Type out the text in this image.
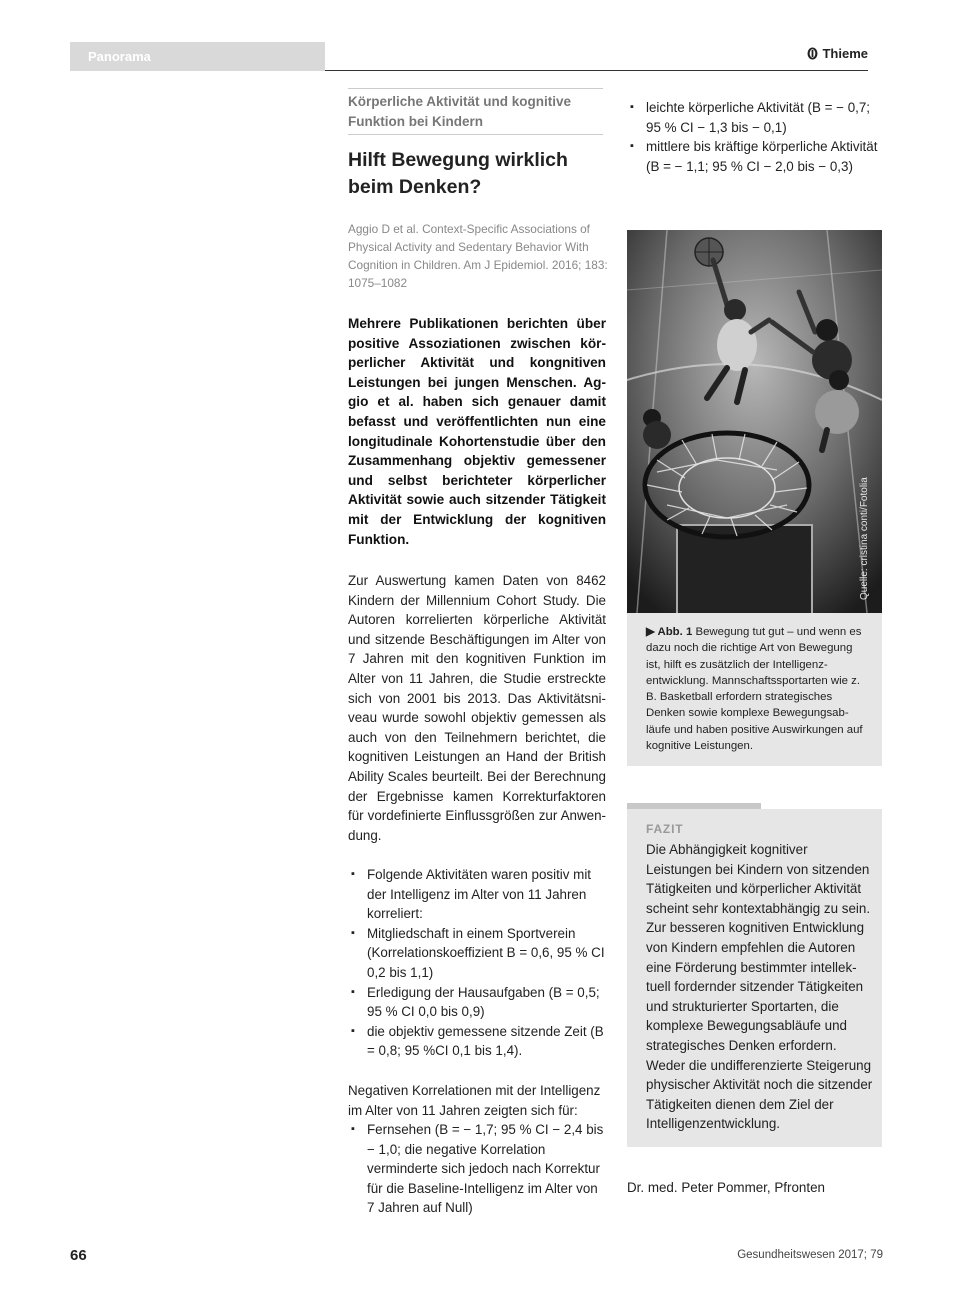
Panorama	Thieme
Körperliche Aktivität und kognitive Funktion bei Kindern
Hilft Bewegung wirklich beim Denken?
Aggio D et al. Context-Specific Associations of Physical Activity and Sedentary Behavior With Cognition in Children. Am J Epidemiol. 2016; 183: 1075–1082
Mehrere Publikationen berichten über positive Assoziationen zwischen körperlicher Aktivität und kongnitiven Leistungen bei jungen Menschen. Aggio et al. haben sich genauer damit befasst und veröffentlichten nun eine longitudinale Kohortenstudie über den Zusammenhang objektiv gemessener und selbst berichteter körperlicher Aktivität sowie auch sitzender Tätigkeit mit der Entwicklung der kognitiven Funktion.
Zur Auswertung kamen Daten von 8462 Kindern der Millennium Cohort Study. Die Autoren korrelierten körperliche Aktivität und sitzende Beschäftigungen im Alter von 7 Jahren mit den kognitiven Funktion im Alter von 11 Jahren, die Studie erstreckte sich von 2001 bis 2013. Das Aktivitätsniveau wurde sowohl objektiv gemessen als auch von den Teilnehmern berichtet, die kognitiven Leistungen an Hand der British Ability Scales beurteilt. Bei der Berechnung der Ergebnisse kamen Korrekturfaktoren für vordefinierte Einflussgrößen zur Anwendung.
▪ Folgende Aktivitäten waren positiv mit der Intelligenz im Alter von 11 Jahren korreliert:
▪ Mitgliedschaft in einem Sportverein (Korrelationskoeffizient B = 0,6, 95 % CI 0,2 bis 1,1)
▪ Erledigung der Hausaufgaben (B = 0,5; 95 % CI 0,0 bis 0,9)
▪ die objektiv gemessene sitzende Zeit (B = 0,8; 95 %CI 0,1 bis 1,4).
Negativen Korrelationen mit der Intelligenz im Alter von 11 Jahren zeigten sich für:
▪ Fernsehen (B = − 1,7; 95 % CI − 2,4 bis − 1,0; die negative Korrelation verminderte sich jedoch nach Korrektur für die Baseline-Intelligenz im Alter von 7 Jahren auf Null)
▪ leichte körperliche Aktivität (B = − 0,7; 95 % CI − 1,3 bis − 0,1)
▪ mittlere bis kräftige körperliche Aktivität (B = − 1,1; 95 % CI − 2,0 bis − 0,3)
Quelle: cristina conti/Fotolia
▶ Abb. 1 Bewegung tut gut – und wenn es dazu noch die richtige Art von Bewegung ist, hilft es zusätzlich der Intelligenzentwicklung. Mannschaftssportarten wie z. B. Basketball erfordern strategisches Denken sowie komplexe Bewegungsabläufe und haben positive Auswirkungen auf kognitive Leistungen.
FAZIT
Die Abhängigkeit kognitiver Leistungen bei Kindern von sitzenden Tätigkeiten und körperlicher Aktivität scheint sehr kontextabhängig zu sein. Zur besseren kognitiven Entwicklung von Kindern empfehlen die Autoren eine Förderung bestimmter intellektuell fordernder sitzender Tätigkeiten und strukturierter Sportarten, die komplexe Bewegungsabläufe und strategisches Denken erfordern. Weder die undifferenzierte Steigerung physischer Aktivität noch die sitzender Tätigkeiten dienen dem Ziel der Intelligenzentwicklung.
Dr. med. Peter Pommer, Pfronten
66	Gesundheitswesen 2017; 79
